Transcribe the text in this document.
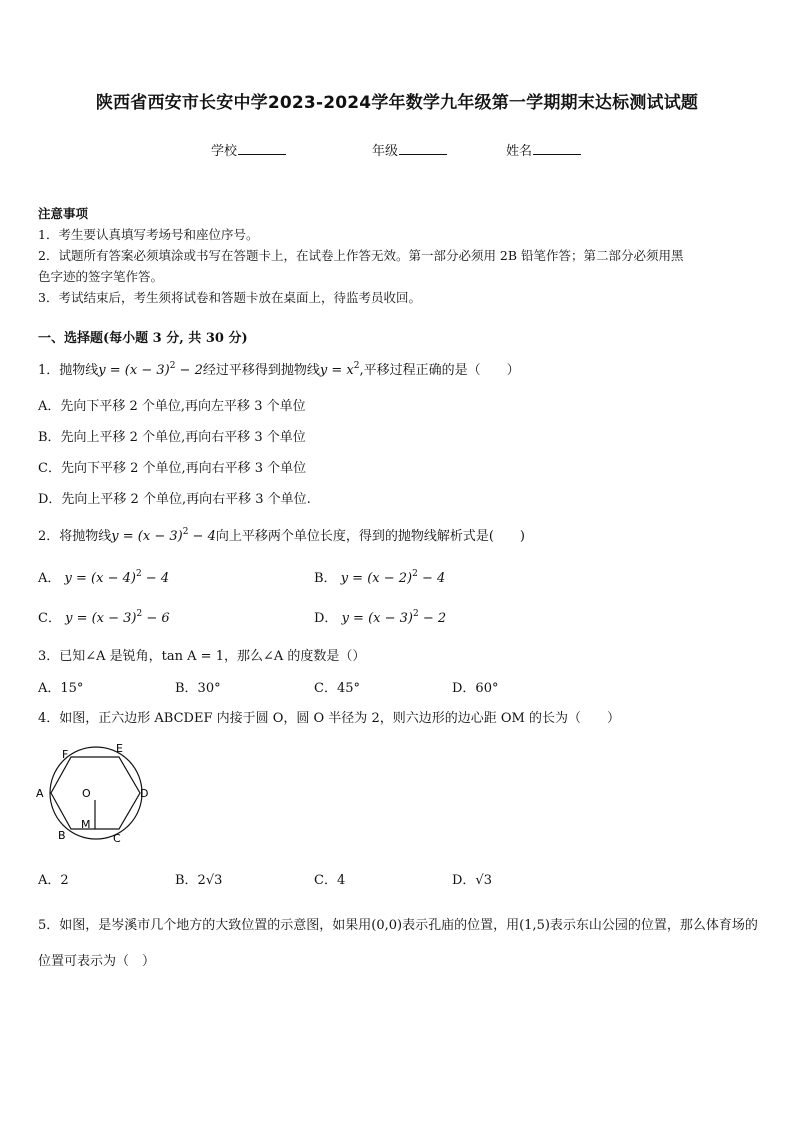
陕西省西安市长安中学2023-2024学年数学九年级第一学期期末达标测试试题
学校	年级	姓名
注意事项
1．考生要认真填写考场号和座位序号。
2．试题所有答案必须填涂或书写在答题卡上，在试卷上作答无效。第一部分必须用 2B 铅笔作答；第二部分必须用黑
色字迹的签字笔作答。
3．考试结束后，考生须将试卷和答题卡放在桌面上，待监考员收回。
一、选择题(每小题 3 分, 共 30 分)
1．抛物线$y = (x - 3)^2 - 2$经过平移得到抛物线$y = x^2$,平移过程正确的是（　　）
A．先向下平移 2 个单位,再向左平移 3 个单位
B．先向上平移 2 个单位,再向右平移 3 个单位
C．先向下平移 2 个单位,再向右平移 3 个单位
D．先向上平移 2 个单位,再向右平移 3 个单位.
2．将抛物线$y = (x - 3)^2 - 4$向上平移两个单位长度，得到的抛物线解析式是(　　)
A． $y = (x - 4)^2 - 4$	B． $y = (x - 2)^2 - 4$
C． $y = (x - 3)^2 - 6$	D． $y = (x - 3)^2 - 2$
3．已知∠A 是锐角，tan A = 1，那么∠A 的度数是（）
A．15°	B．30°	C．45°	D．60°
4．如图，正六边形 ABCDEF 内接于圆 O，圆 O 半径为 2，则六边形的边心距 OM 的长为（　　）
A
B	C
D
E
F
O
M
A．2	B．2√3	C．4	D．√3
5．如图，是岑溪市几个地方的大致位置的示意图，如果用(0,0)表示孔庙的位置，用(1,5)表示东山公园的位置，那么体育场的位置可表示为（　）
